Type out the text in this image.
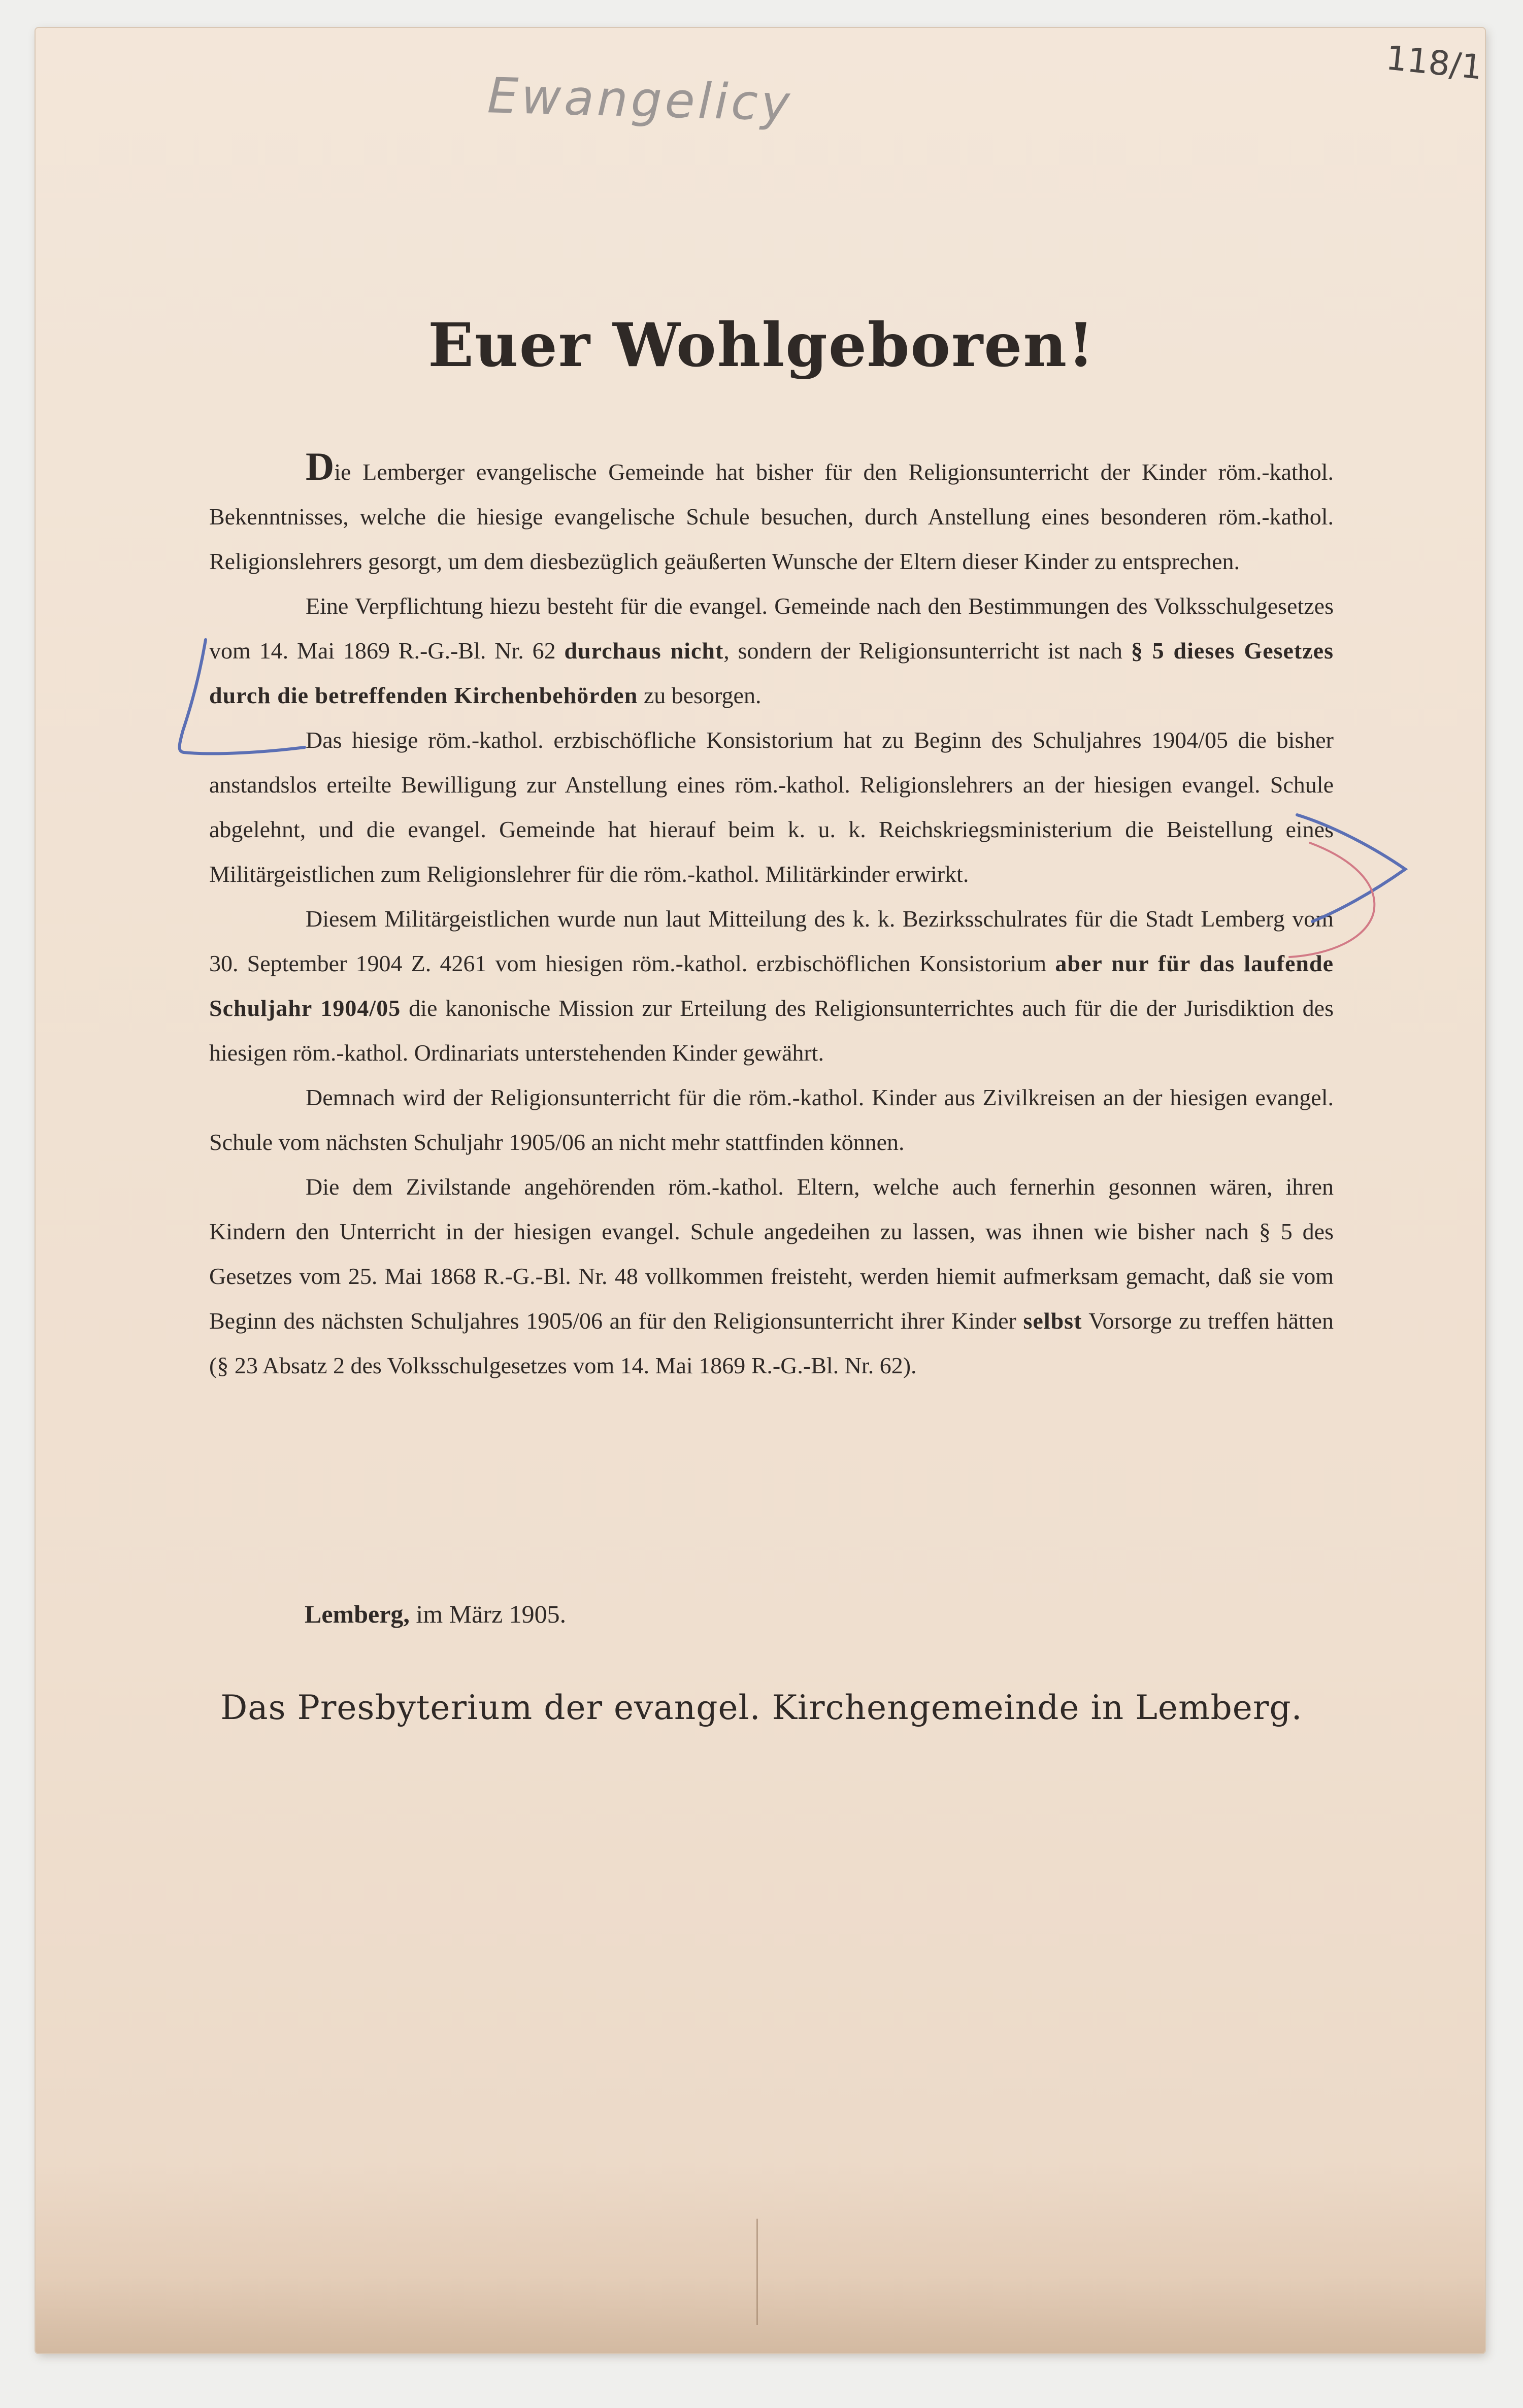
Ewangelicy
118/1
Euer Wohlgeboren!

Die Lemberger evangelische Gemeinde hat bisher für den Religionsunterricht der Kinder röm.-kathol. Bekenntnisses, welche die hiesige evangelische Schule besuchen, durch Anstellung eines besonderen röm.-kathol. Religionslehrers gesorgt, um dem diesbezüglich geäußerten Wunsche der Eltern dieser Kinder zu entsprechen.

Eine Verpflichtung hiezu besteht für die evangel. Gemeinde nach den Bestimmungen des Volksschulgesetzes vom 14. Mai 1869 R.-G.-Bl. Nr. 62 durchaus nicht, sondern der Religionsunterricht ist nach § 5 dieses Gesetzes durch die betreffenden Kirchenbehörden zu besorgen.

Das hiesige röm.-kathol. erzbischöfliche Konsistorium hat zu Beginn des Schuljahres 1904/05 die bisher anstandslos erteilte Bewilligung zur Anstellung eines röm.-kathol. Religionslehrers an der hiesigen evangel. Schule abgelehnt, und die evangel. Gemeinde hat hierauf beim k. u. k. Reichskriegsministerium die Beistellung eines Militärgeistlichen zum Religionslehrer für die röm.-kathol. Militärkinder erwirkt.

Diesem Militärgeistlichen wurde nun laut Mitteilung des k. k. Bezirksschulrates für die Stadt Lemberg vom 30. September 1904 Z. 4261 vom hiesigen röm.-kathol. erzbischöflichen Konsistorium aber nur für das laufende Schuljahr 1904/05 die kanonische Mission zur Erteilung des Religionsunterrichtes auch für die der Jurisdiktion des hiesigen röm.-kathol. Ordinariats unterstehenden Kinder gewährt.

Demnach wird der Religionsunterricht für die röm.-kathol. Kinder aus Zivilkreisen an der hiesigen evangel. Schule vom nächsten Schuljahr 1905/06 an nicht mehr stattfinden können.

Die dem Zivilstande angehörenden röm.-kathol. Eltern, welche auch fernerhin gesonnen wären, ihren Kindern den Unterricht in der hiesigen evangel. Schule angedeihen zu lassen, was ihnen wie bisher nach § 5 des Gesetzes vom 25. Mai 1868 R.-G.-Bl. Nr. 48 vollkommen freisteht, werden hiemit aufmerksam gemacht, daß sie vom Beginn des nächsten Schuljahres 1905/06 an für den Religionsunterricht ihrer Kinder selbst Vorsorge zu treffen hätten (§ 23 Absatz 2 des Volksschulgesetzes vom 14. Mai 1869 R.-G.-Bl. Nr. 62).

Lemberg, im März 1905.
Das Presbyterium der evangel. Kirchengemeinde in Lemberg.
